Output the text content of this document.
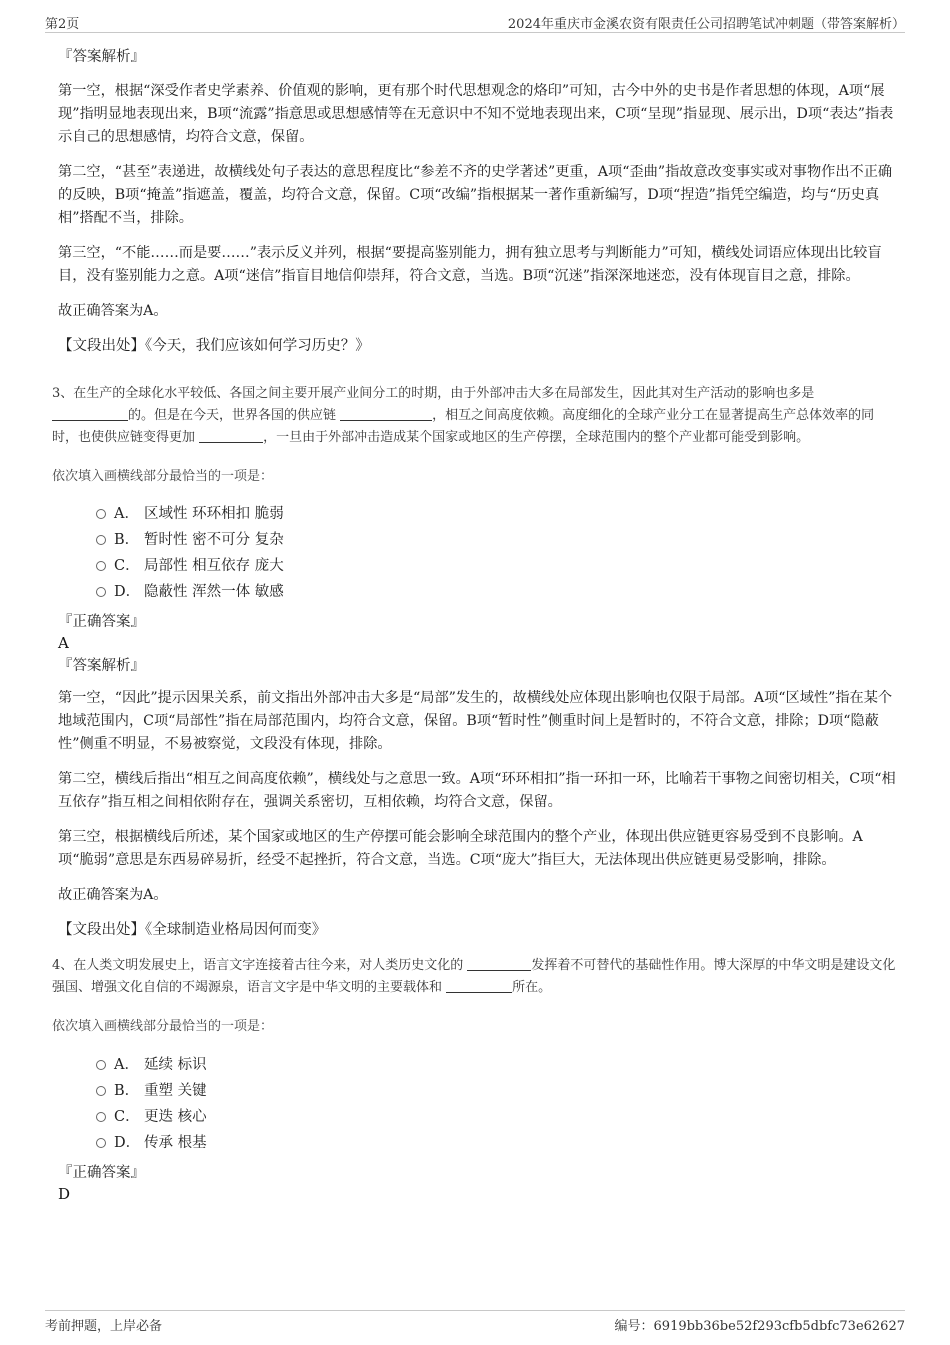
第2页	2024年重庆市金溪农资有限责任公司招聘笔试冲刺题（带答案解析）

『答案解析』

第一空，根据“深受作者史学素养、价值观的影响，更有那个时代思想观念的烙印”可知，古今中外的史书是作者思想的体现，A项“展现”指明显地表现出来，B项“流露”指意思或思想感情等在无意识中不知不觉地表现出来，C项“呈现”指显现、展示出，D项“表达”指表示自己的思想感情，均符合文意，保留。

第二空，“甚至”表递进，故横线处句子表达的意思程度比“参差不齐的史学著述”更重，A项“歪曲”指故意改变事实或对事物作出不正确的反映，B项“掩盖”指遮盖，覆盖，均符合文意，保留。C项“改编”指根据某一著作重新编写，D项“捏造”指凭空编造，均与“历史真相”搭配不当，排除。

第三空，“不能……而是要……”表示反义并列，根据“要提高鉴别能力，拥有独立思考与判断能力”可知，横线处词语应体现出比较盲目，没有鉴别能力之意。A项“迷信”指盲目地信仰崇拜，符合文意，当选。B项“沉迷”指深深地迷恋，没有体现盲目之意，排除。

故正确答案为A。

【文段出处】《今天，我们应该如何学习历史？》

3、在生产的全球化水平较低、各国之间主要开展产业间分工的时期，由于外部冲击大多在局部发生，因此其对生产活动的影响也多是
的。但是在今天，世界各国的供应链	，相互之间高度依赖。高度细化的全球产业分工在显著提高生产总体效率的同时，也使供应链变得更加	，一旦由于外部冲击造成某个国家或地区的生产停摆，全球范围内的整个产业都可能受到影响。

依次填入画横线部分最恰当的一项是：

A． 区域性 环环相扣 脆弱
B． 暂时性 密不可分 复杂
C． 局部性 相互依存 庞大
D． 隐蔽性 浑然一体 敏感

『正确答案』

A

『答案解析』

第一空，“因此”提示因果关系，前文指出外部冲击大多是“局部”发生的，故横线处应体现出影响也仅限于局部。A项“区域性”指在某个地域范围内，C项“局部性”指在局部范围内，均符合文意，保留。B项“暂时性”侧重时间上是暂时的，不符合文意，排除；D项“隐蔽性”侧重不明显，不易被察觉，文段没有体现，排除。

第二空，横线后指出“相互之间高度依赖”，横线处与之意思一致。A项“环环相扣”指一环扣一环，比喻若干事物之间密切相关，C项“相互依存”指互相之间相依附存在，强调关系密切，互相依赖，均符合文意，保留。

第三空，根据横线后所述，某个国家或地区的生产停摆可能会影响全球范围内的整个产业，体现出供应链更容易受到不良影响。A项“脆弱”意思是东西易碎易折，经受不起挫折，符合文意，当选。C项“庞大”指巨大，无法体现出供应链更易受影响，排除。

故正确答案为A。

【文段出处】《全球制造业格局因何而变》

4、在人类文明发展史上，语言文字连接着古往今来，对人类历史文化的	发挥着不可替代的基础性作用。博大深厚的中华文明是建设文化强国、增强文化自信的不竭源泉，语言文字是中华文明的主要载体和	所在。

依次填入画横线部分最恰当的一项是：

A． 延续 标识
B． 重塑 关键
C． 更迭 核心
D． 传承 根基

『正确答案』

D

考前押题，上岸必备	编号：6919bb36be52f293cfb5dbfc73e62627
